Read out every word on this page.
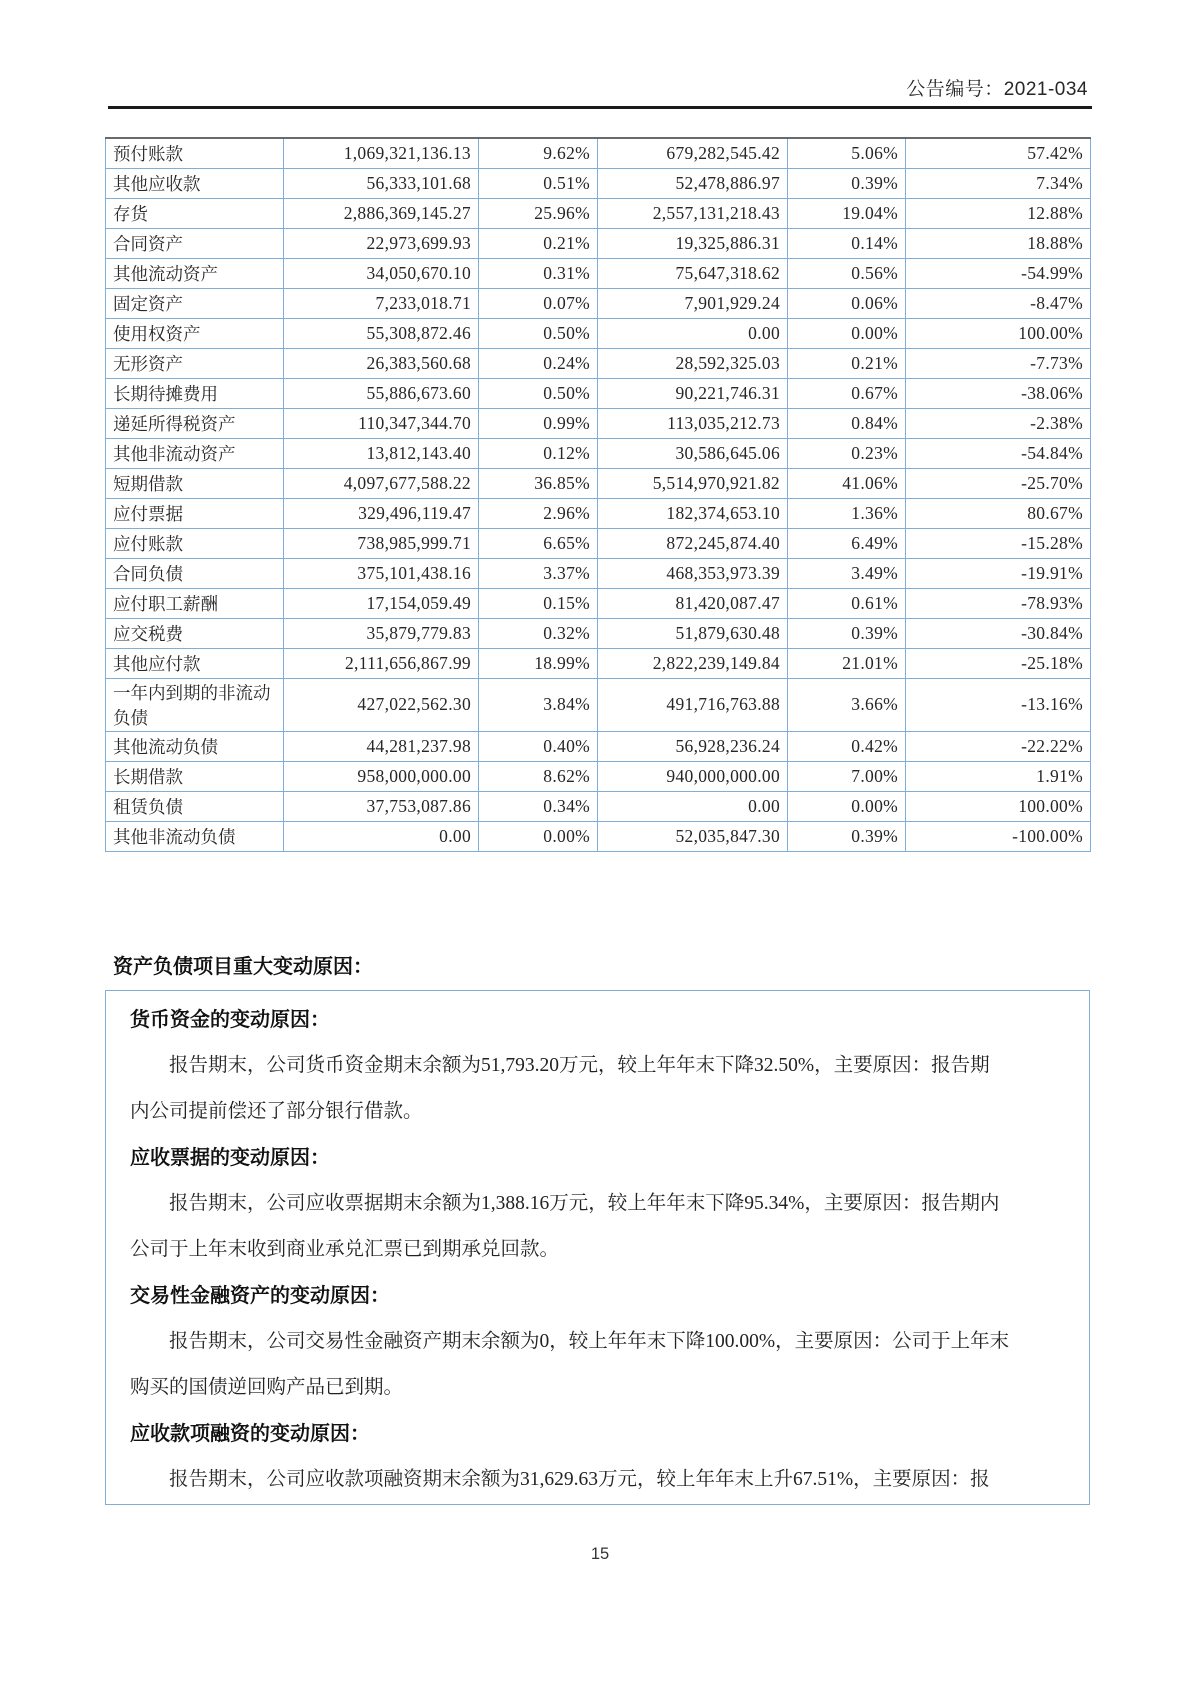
公告编号：2021-034
预付账款	1,069,321,136.13	9.62%	679,282,545.42	5.06%	57.42%
其他应收款	56,333,101.68	0.51%	52,478,886.97	0.39%	7.34%
存货	2,886,369,145.27	25.96%	2,557,131,218.43	19.04%	12.88%
合同资产	22,973,699.93	0.21%	19,325,886.31	0.14%	18.88%
其他流动资产	34,050,670.10	0.31%	75,647,318.62	0.56%	-54.99%
固定资产	7,233,018.71	0.07%	7,901,929.24	0.06%	-8.47%
使用权资产	55,308,872.46	0.50%	0.00	0.00%	100.00%
无形资产	26,383,560.68	0.24%	28,592,325.03	0.21%	-7.73%
长期待摊费用	55,886,673.60	0.50%	90,221,746.31	0.67%	-38.06%
递延所得税资产	110,347,344.70	0.99%	113,035,212.73	0.84%	-2.38%
其他非流动资产	13,812,143.40	0.12%	30,586,645.06	0.23%	-54.84%
短期借款	4,097,677,588.22	36.85%	5,514,970,921.82	41.06%	-25.70%
应付票据	329,496,119.47	2.96%	182,374,653.10	1.36%	80.67%
应付账款	738,985,999.71	6.65%	872,245,874.40	6.49%	-15.28%
合同负债	375,101,438.16	3.37%	468,353,973.39	3.49%	-19.91%
应付职工薪酬	17,154,059.49	0.15%	81,420,087.47	0.61%	-78.93%
应交税费	35,879,779.83	0.32%	51,879,630.48	0.39%	-30.84%
其他应付款	2,111,656,867.99	18.99%	2,822,239,149.84	21.01%	-25.18%
一年内到期的非流动负债	427,022,562.30	3.84%	491,716,763.88	3.66%	-13.16%
其他流动负债	44,281,237.98	0.40%	56,928,236.24	0.42%	-22.22%
长期借款	958,000,000.00	8.62%	940,000,000.00	7.00%	1.91%
租赁负债	37,753,087.86	0.34%	0.00	0.00%	100.00%
其他非流动负债	0.00	0.00%	52,035,847.30	0.39%	-100.00%
资产负债项目重大变动原因：
货币资金的变动原因：
报告期末，公司货币资金期末余额为51,793.20万元，较上年年末下降32.50%，主要原因：报告期
内公司提前偿还了部分银行借款。
应收票据的变动原因：
报告期末，公司应收票据期末余额为1,388.16万元，较上年年末下降95.34%，主要原因：报告期内
公司于上年末收到商业承兑汇票已到期承兑回款。
交易性金融资产的变动原因：
报告期末，公司交易性金融资产期末余额为0，较上年年末下降100.00%，主要原因：公司于上年末
购买的国债逆回购产品已到期。
应收款项融资的变动原因：
报告期末，公司应收款项融资期末余额为31,629.63万元，较上年年末上升67.51%，主要原因：报
15
